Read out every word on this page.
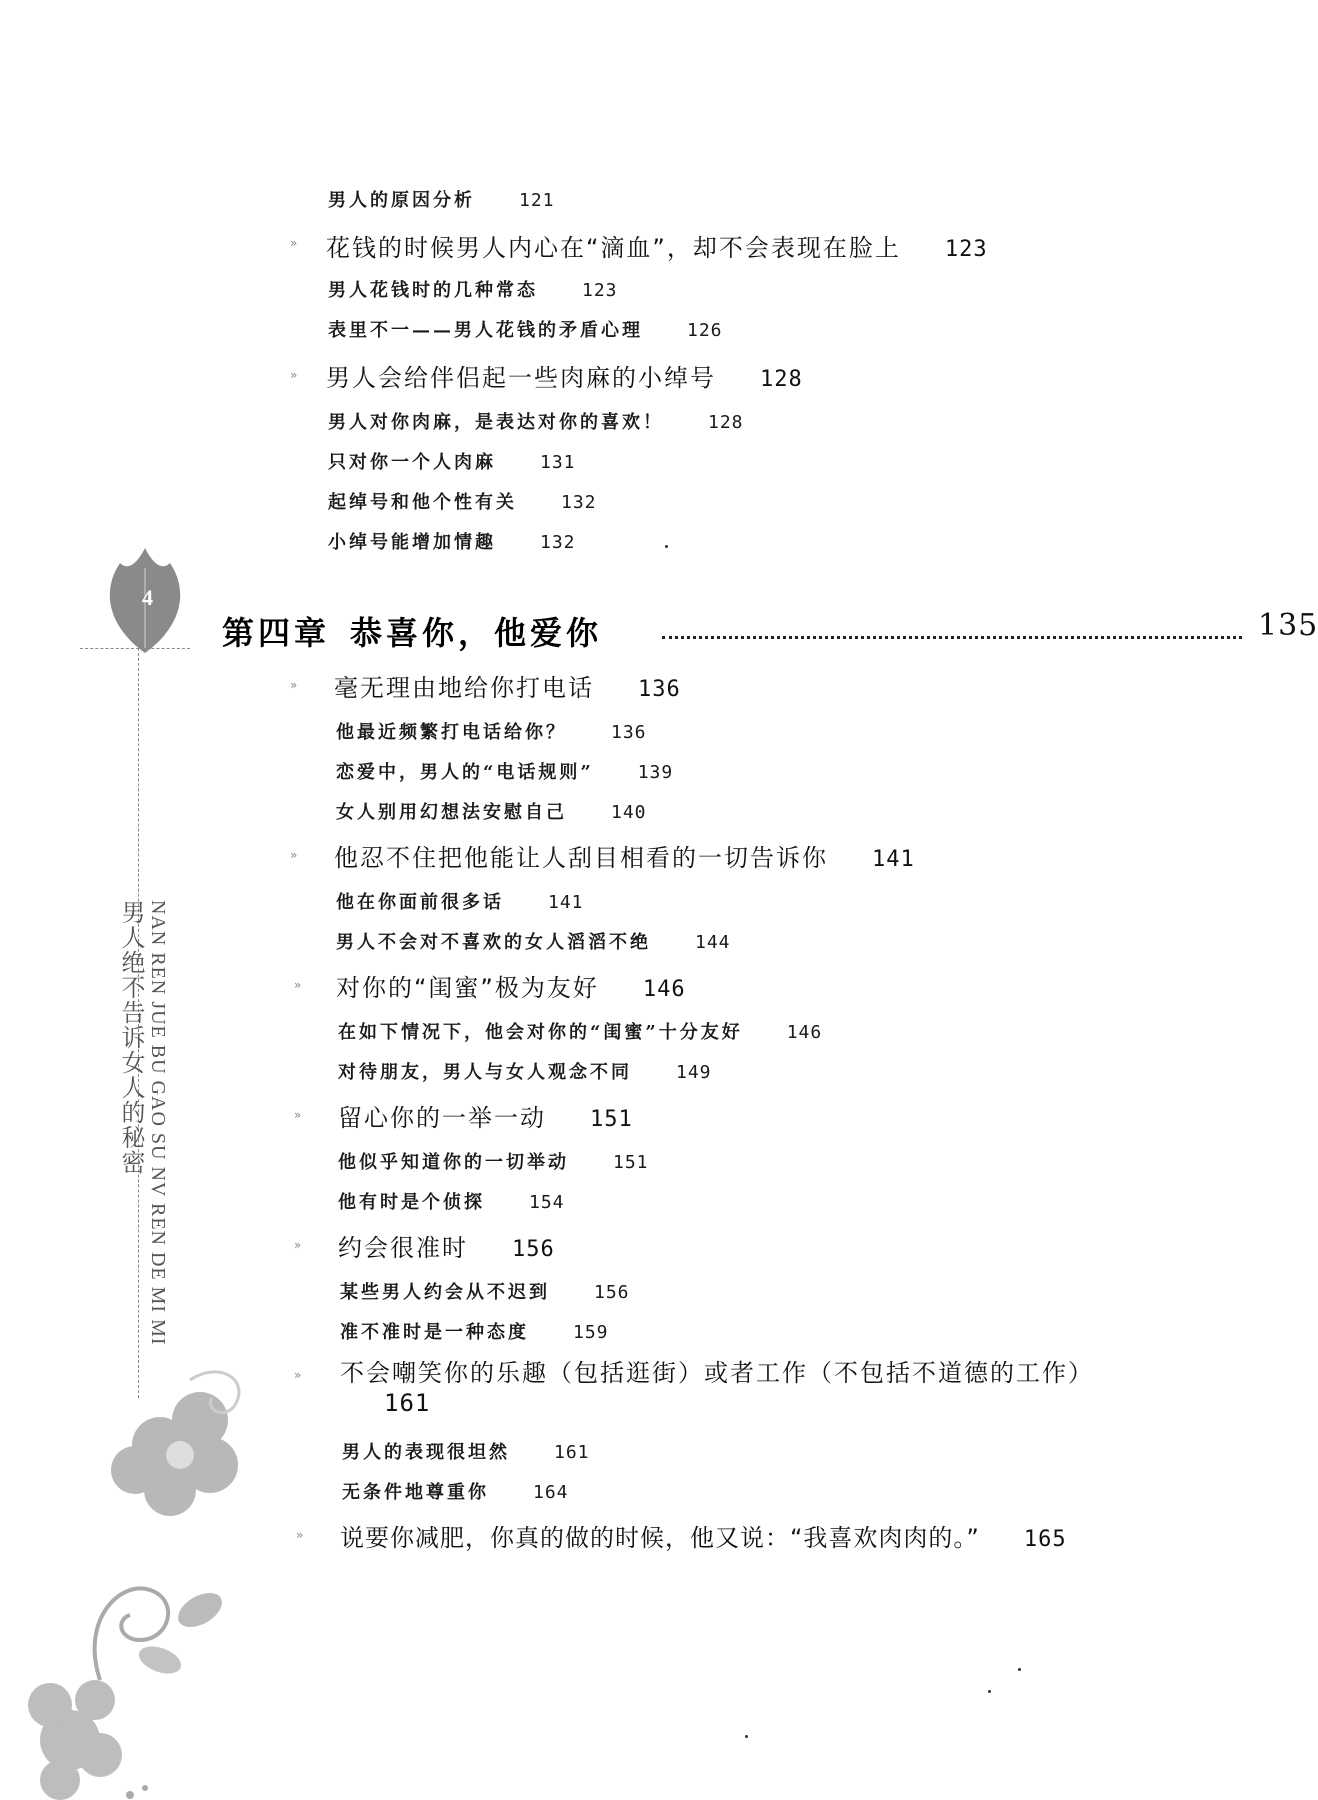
4
男人绝不告诉女人的秘密 NAN REN JUE BU GAO SU NV REN DE MI MI
男人的原因分析 121
» 花钱的时候男人内心在“滴血”，却不会表现在脸上 123
男人花钱时的几种常态 123
表里不一——男人花钱的矛盾心理 126
» 男人会给伴侣起一些肉麻的小绰号 128
男人对你肉麻，是表达对你的喜欢！ 128
只对你一个人肉麻 131
起绰号和他个性有关 132
小绰号能增加情趣 132
第四章 恭喜你，他爱你	135
» 毫无理由地给你打电话 136
他最近频繁打电话给你？ 136
恋爱中，男人的“电话规则” 139
女人别用幻想法安慰自己 140
» 他忍不住把他能让人刮目相看的一切告诉你 141
他在你面前很多话 141
男人不会对不喜欢的女人滔滔不绝 144
» 对你的“闺蜜”极为友好 146
在如下情况下，他会对你的“闺蜜”十分友好 146
对待朋友，男人与女人观念不同 149
» 留心你的一举一动 151
他似乎知道你的一切举动 151
他有时是个侦探 154
» 约会很准时 156
某些男人约会从不迟到 156
准不准时是一种态度 159
» 不会嘲笑你的乐趣（包括逛街）或者工作（不包括不道德的工作）161
男人的表现很坦然 161
无条件地尊重你 164
» 说要你减肥，你真的做的时候，他又说：“我喜欢肉肉的。” 165
